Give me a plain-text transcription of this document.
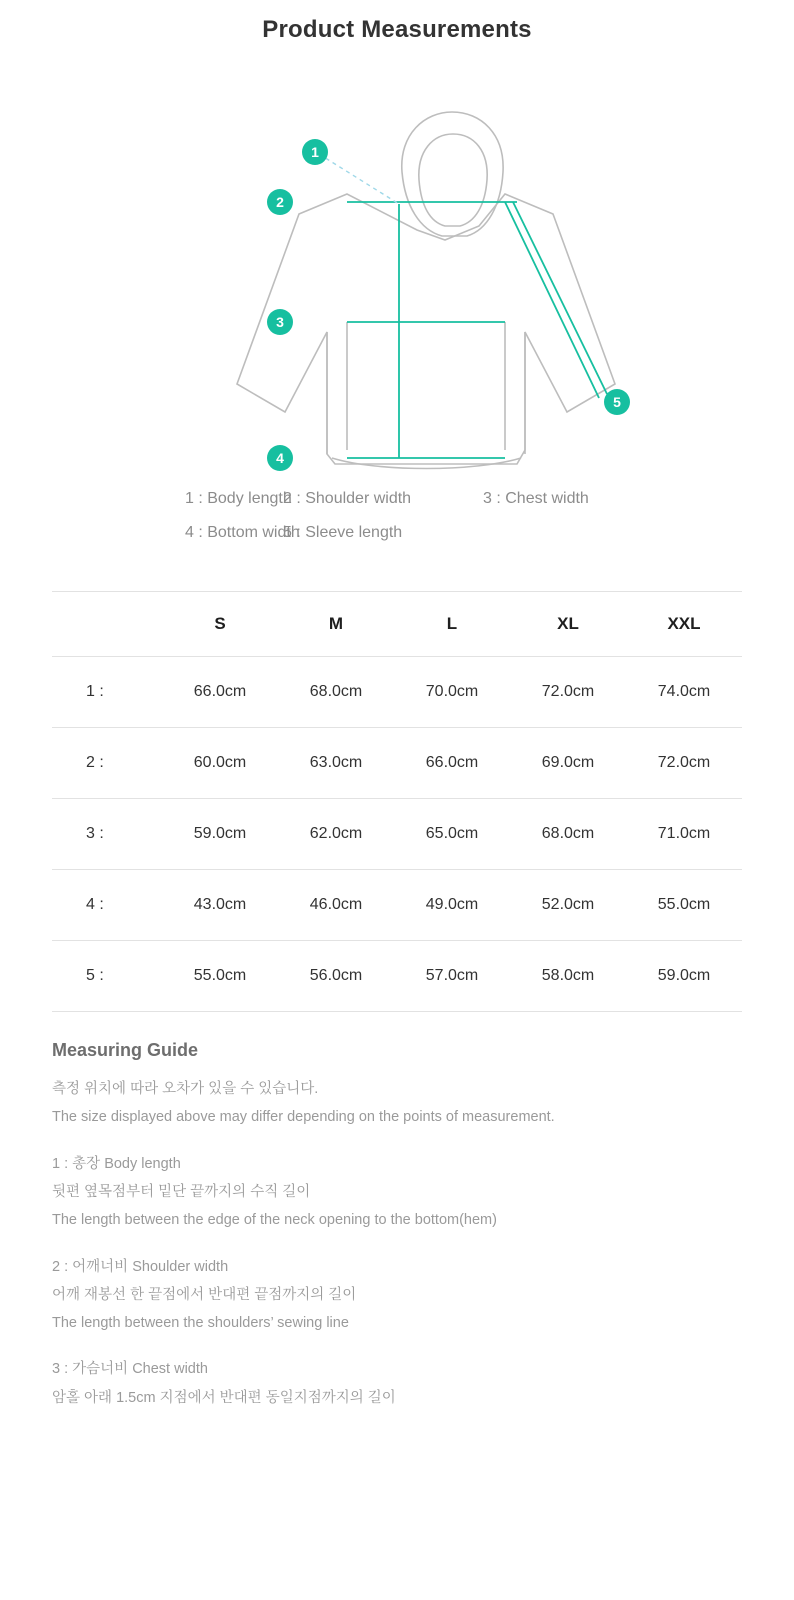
Product Measurements
1
2
3
4
5
1 : Body length
2 : Shoulder width	3 : Chest width
4 : Bottom width
5 : Sleeve length
	S	M	L	XL	XXL
1 :	66.0cm	68.0cm	70.0cm	72.0cm	74.0cm
2 :	60.0cm	63.0cm	66.0cm	69.0cm	72.0cm
3 :	59.0cm	62.0cm	65.0cm	68.0cm	71.0cm
4 :	43.0cm	46.0cm	49.0cm	52.0cm	55.0cm
5 :	55.0cm	56.0cm	57.0cm	58.0cm	59.0cm
Measuring Guide

측정 위치에 따라 오차가 있을 수 있습니다.

The size displayed above may differ depending on the points of measurement.

1 : 총장 Body length

뒷편 옆목점부터 밑단 끝까지의 수직 길이

The length between the edge of the neck opening to the bottom(hem)

2 : 어깨너비 Shoulder width

어깨 재봉선 한 끝점에서 반대편 끝점까지의 길이

The length between the shoulders’ sewing line

3 : 가슴너비 Chest width

암홀 아래 1.5cm 지점에서 반대편 동일지점까지의 길이
